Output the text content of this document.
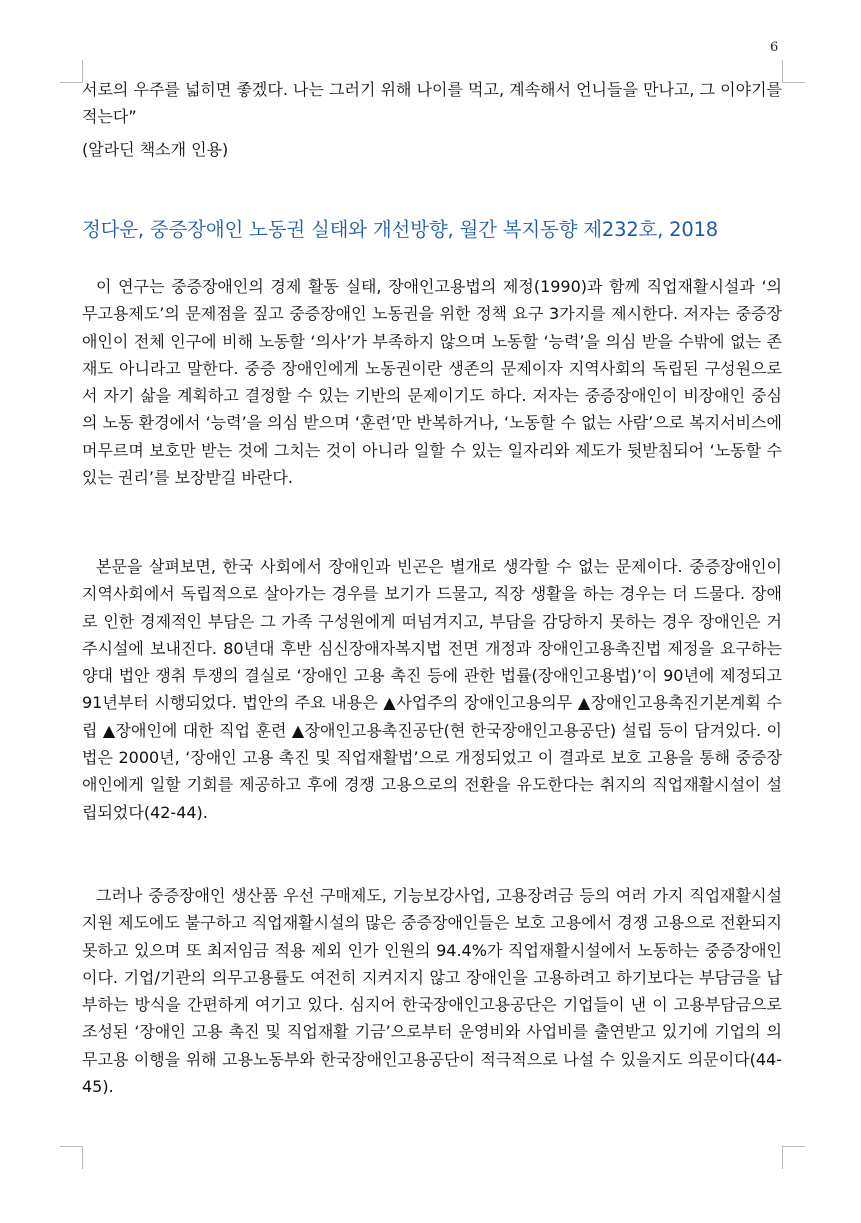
6
서로의 우주를 넓히면 좋겠다. 나는 그러기 위해 나이를 먹고, 계속해서 언니들을 만나고, 그 이야기를 적는다”
(알라딘 책소개 인용)
정다운, 중증장애인 노동권 실태와 개선방향, 월간 복지동향 제232호, 2018
이 연구는 중증장애인의 경제 활동 실태, 장애인고용법의 제정(1990)과 함께 직업재활시설과 ‘의무고용제도’의 문제점을 짚고 중증장애인 노동권을 위한 정책 요구 3가지를 제시한다. 저자는 중증장애인이 전체 인구에 비해 노동할 ‘의사’가 부족하지 않으며 노동할 ‘능력’을 의심 받을 수밖에 없는 존재도 아니라고 말한다. 중증 장애인에게 노동권이란 생존의 문제이자 지역사회의 독립된 구성원으로서 자기 삶을 계획하고 결정할 수 있는 기반의 문제이기도 하다. 저자는 중증장애인이 비장애인 중심의 노동 환경에서 ‘능력’을 의심 받으며 ‘훈련’만 반복하거나, ‘노동할 수 없는 사람’으로 복지서비스에 머무르며 보호만 받는 것에 그치는 것이 아니라 일할 수 있는 일자리와 제도가 뒷받침되어 ‘노동할 수 있는 권리’를 보장받길 바란다.
본문을 살펴보면, 한국 사회에서 장애인과 빈곤은 별개로 생각할 수 없는 문제이다. 중증장애인이 지역사회에서 독립적으로 살아가는 경우를 보기가 드물고, 직장 생활을 하는 경우는 더 드물다. 장애로 인한 경제적인 부담은 그 가족 구성원에게 떠넘겨지고, 부담을 감당하지 못하는 경우 장애인은 거주시설에 보내진다. 80년대 후반 심신장애자복지법 전면 개정과 장애인고용촉진법 제정을 요구하는 양대 법안 쟁취 투쟁의 결실로 ‘장애인 고용 촉진 등에 관한 법률(장애인고용법)’이 90년에 제정되고 91년부터 시행되었다. 법안의 주요 내용은 ▲사업주의 장애인고용의무 ▲장애인고용촉진기본계획 수립 ▲장애인에 대한 직업 훈련 ▲장애인고용촉진공단(현 한국장애인고용공단) 설립 등이 담겨있다. 이 법은 2000년, ‘장애인 고용 촉진 및 직업재활법’으로 개정되었고 이 결과로 보호 고용을 통해 중증장애인에게 일할 기회를 제공하고 후에 경쟁 고용으로의 전환을 유도한다는 취지의 직업재활시설이 설립되었다(42-44).
그러나 중증장애인 생산품 우선 구매제도, 기능보강사업, 고용장려금 등의 여러 가지 직업재활시설지원 제도에도 불구하고 직업재활시설의 많은 중증장애인들은 보호 고용에서 경쟁 고용으로 전환되지 못하고 있으며 또 최저임금 적용 제외 인가 인원의 94.4%가 직업재활시설에서 노동하는 중증장애인이다. 기업/기관의 의무고용률도 여전히 지켜지지 않고 장애인을 고용하려고 하기보다는 부담금을 납부하는 방식을 간편하게 여기고 있다. 심지어 한국장애인고용공단은 기업들이 낸 이 고용부담금으로 조성된 ‘장애인 고용 촉진 및 직업재활 기금’으로부터 운영비와 사업비를 출연받고 있기에 기업의 의무고용 이행을 위해 고용노동부와 한국장애인고용공단이 적극적으로 나설 수 있을지도 의문이다(44-45).
